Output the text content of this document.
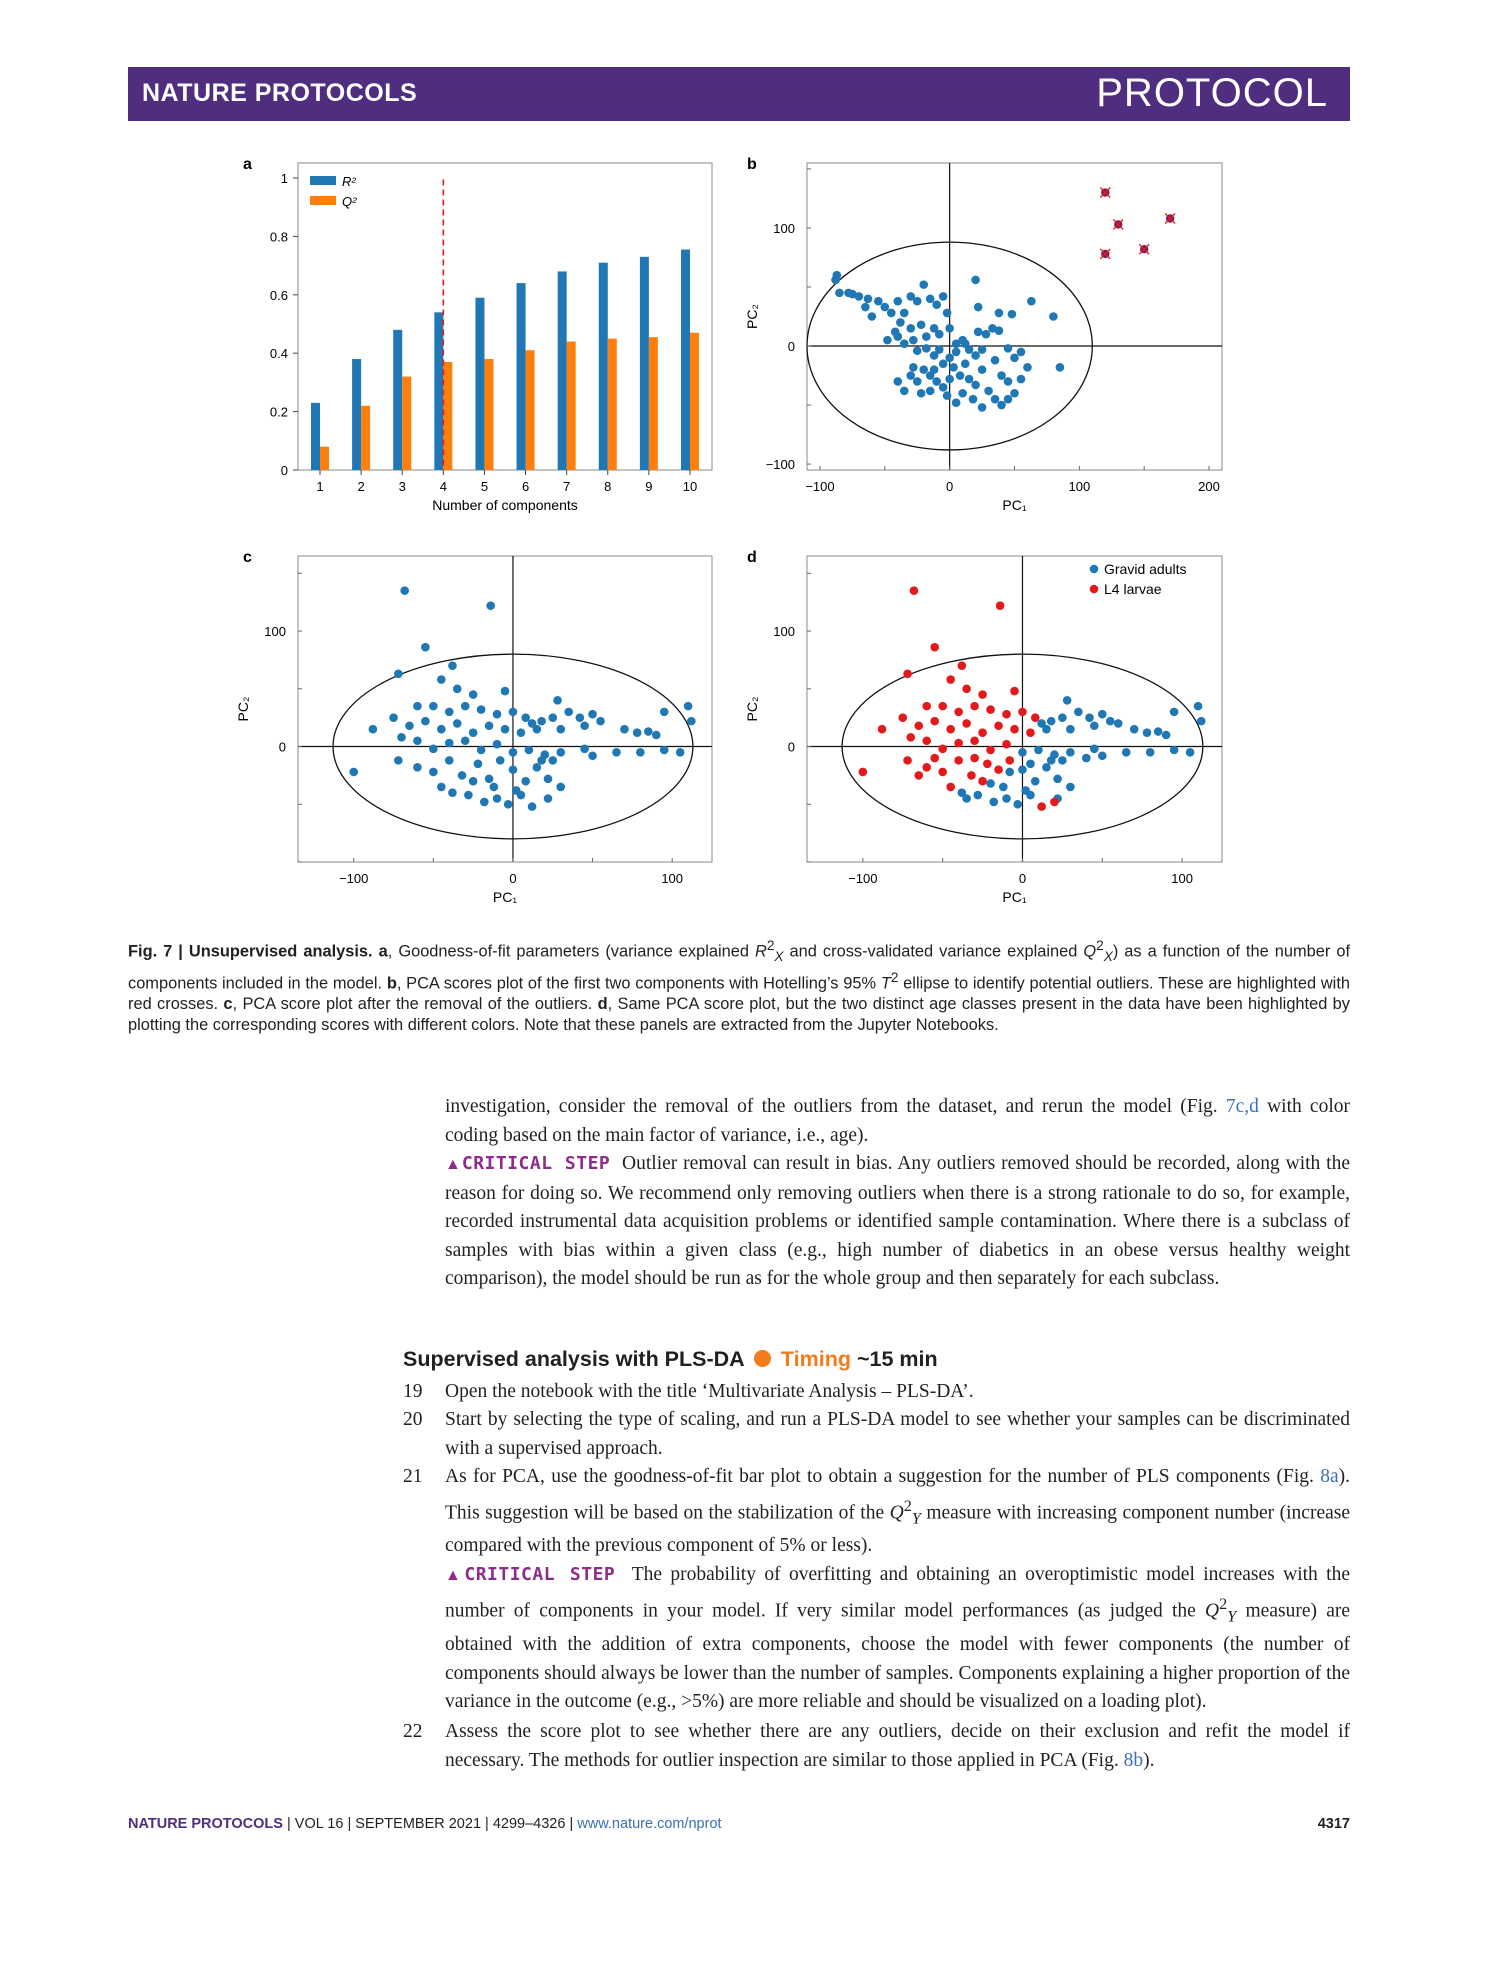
NATURE PROTOCOLS	PROTOCOL
a
0
0.2
0.4
0.6
0.8
1
1	2	3	4	5	6	7	8	9 10
R²
Q²
Number of components
b
−100	0	100	200
−100
0
100
PC₁
PC₂
c
−100	0	100
0
100
PC₁
PC₂
d
−100	0	100
0
100
PC₁
PC₂
Gravid adults
L4 larvae
Fig. 7 | Unsupervised analysis. a, Goodness-of-fit parameters (variance explained $R^2_X$ and cross-validated variance explained $Q^2_X$) as a function of the number of components included in the model. b, PCA scores plot of the first two components with Hotelling’s 95% $T^2$ ellipse to identify potential outliers. These are highlighted with red crosses. c, PCA score plot after the removal of the outliers. d, Same PCA score plot, but the two distinct age classes present in the data have been highlighted by plotting the corresponding scores with different colors. Note that these panels are extracted from the Jupyter Notebooks.
investigation, consider the removal of the outliers from the dataset, and rerun the model (Fig. 7c,d with color coding based on the main factor of variance, i.e., age).
▲CRITICAL STEP Outlier removal can result in bias. Any outliers removed should be recorded, along with the reason for doing so. We recommend only removing outliers when there is a strong rationale to do so, for example, recorded instrumental data acquisition problems or identified sample contamination. Where there is a subclass of samples with bias within a given class (e.g., high number of diabetics in an obese versus healthy weight comparison), the model should be run as for the whole group and then separately for each subclass.
Supervised analysis with PLS-DA Timing ~15 min
19	Open the notebook with the title ‘Multivariate Analysis – PLS-DA’.
20	Start by selecting the type of scaling, and run a PLS-DA model to see whether your samples can be discriminated with a supervised approach.
21	As for PCA, use the goodness-of-fit bar plot to obtain a suggestion for the number of PLS components (Fig. 8a). This suggestion will be based on the stabilization of the $Q^2_Y$ measure with increasing component number (increase compared with the previous component of 5% or less).
▲CRITICAL STEP The probability of overfitting and obtaining an overoptimistic model increases with the number of components in your model. If very similar model performances (as judged the $Q^2_Y$ measure) are obtained with the addition of extra components, choose the model with fewer components (the number of components should always be lower than the number of samples. Components explaining a higher proportion of the variance in the outcome (e.g., >5%) are more reliable and should be visualized on a loading plot).
22	Assess the score plot to see whether there are any outliers, decide on their exclusion and refit the model if necessary. The methods for outlier inspection are similar to those applied in PCA (Fig. 8b).
NATURE PROTOCOLS | VOL 16 | SEPTEMBER 2021 | 4299–4326 | www.nature.com/nprot	4317
